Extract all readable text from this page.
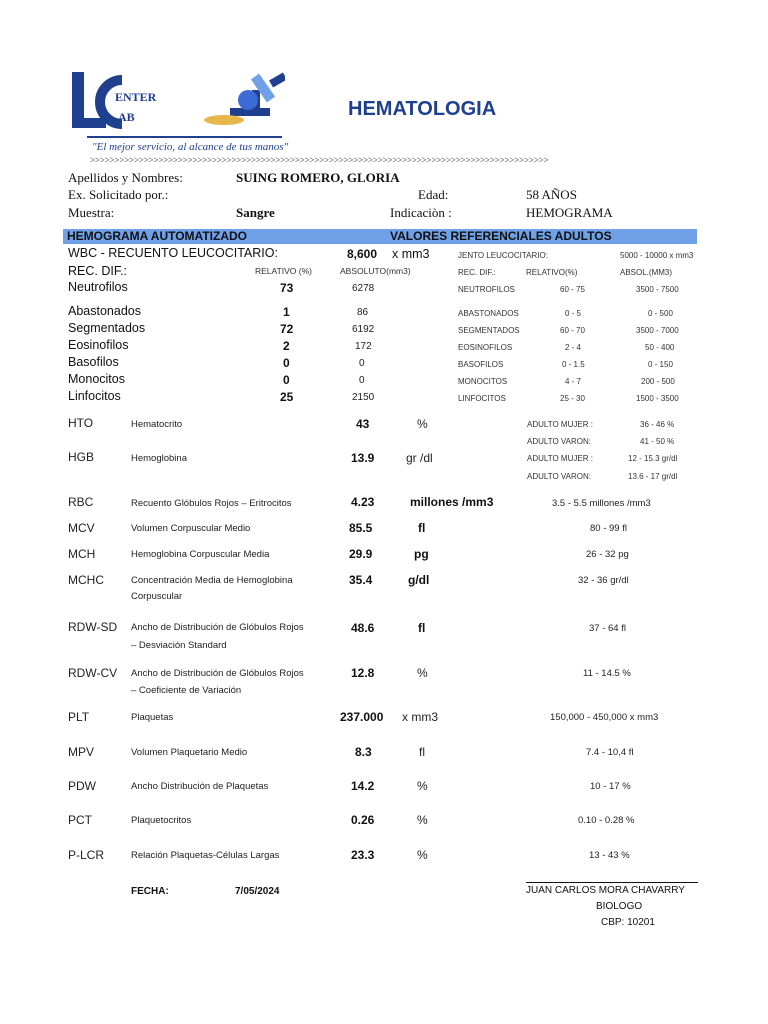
ENTER
AB	HEMATOLOGIA
"El mejor servicio, al alcance de tus manos"
>>>>>>>>>>>>>>>>>>>>>>>>>>>>>>>>>>>>>>>>>>>>>>>>>>>>>>>>>>>>>>>>>>>>>>>>>>>>>>>>>>>>>>>>>>>>>>
Apellidos y Nombres:	SUING ROMERO, GLORIA
Ex. Solicitado por.:	Edad:	58 AÑOS
Muestra:	Sangre	Indicaciòn :	HEMOGRAMA
HEMOGRAMA AUTOMATIZADO	VALORES REFERENCIALES ADULTOS
WBC - RECUENTO LEUCOCITARIO:	8,600 x mm3	JENTO LEUCOCITARIO:	5000 - 10000 x mm3
REC. DIF.:	RELATIVO (%)	ABSOLUTO(mm3)	REC. DIF.:	RELATIVO(%)	ABSOL.(MM3)
Neutrofilos	73	6278	NEUTROFILOS	60 - 75	3500 - 7500
Abastonados	1	86	ABASTONADOS	0 - 5	0 - 500
Segmentados	72	6192	SEGMENTADOS	60 - 70	3500 - 7000
Eosinofilos	2	172	EOSINOFILOS	2 - 4	50 - 400
Basofilos	0	0	BASOFILOS	0 - 1.5	0 - 150
Monocitos	0	0	MONOCITOS	4 - 7	200 - 500
Linfocitos	25	2150	LINFOCITOS	25 - 30	1500 - 3500
HTO	Hematocrito	43	%	ADULTO MUJER :	36 - 46 %
ADULTO VARON:	41 - 50 %
HGB	Hemoglobina	13.9	gr /dl	ADULTO MUJER :	12 - 15.3 gr/dl
ADULTO VARON:	13.6 - 17 gr/dl
RBC	Recuento Glóbulos Rojos – Eritrocitos	4.23	millones /mm3	3.5 - 5.5 millones /mm3
MCV	Volumen Corpuscular Medio	85.5	fl	80 - 99 fl
MCH	Hemoglobina Corpuscular Media	29.9	pg	26 - 32 pg
MCHC	Concentración Media de Hemoglobina
Corpuscular
35.4	g/dl	32 - 36 gr/dl
RDW-SD Ancho de Distribución de Glóbulos Rojos
– Desviación Standard
48.6	fl	37 - 64 fl
RDW-CV Ancho de Distribución de Glóbulos Rojos
– Coeficiente de Variación
12.8	%	11 - 14.5 %
PLT	Plaquetas	237.000 x mm3	150,000 - 450,000 x mm3
MPV	Volumen Plaquetario Medio	8.3	fl	7.4 - 10,4 fl
PDW	Ancho Distribución de Plaquetas	14.2	%	10 - 17 %
PCT	Plaquetocritos	0.26	%	0.10 - 0.28 %
P-LCR	Relación Plaquetas-Células Largas	23.3	%	13 - 43 %
FECHA:	7/05/2024	JUAN CARLOS MORA CHAVARRY
BIOLOGO
CBP: 10201
